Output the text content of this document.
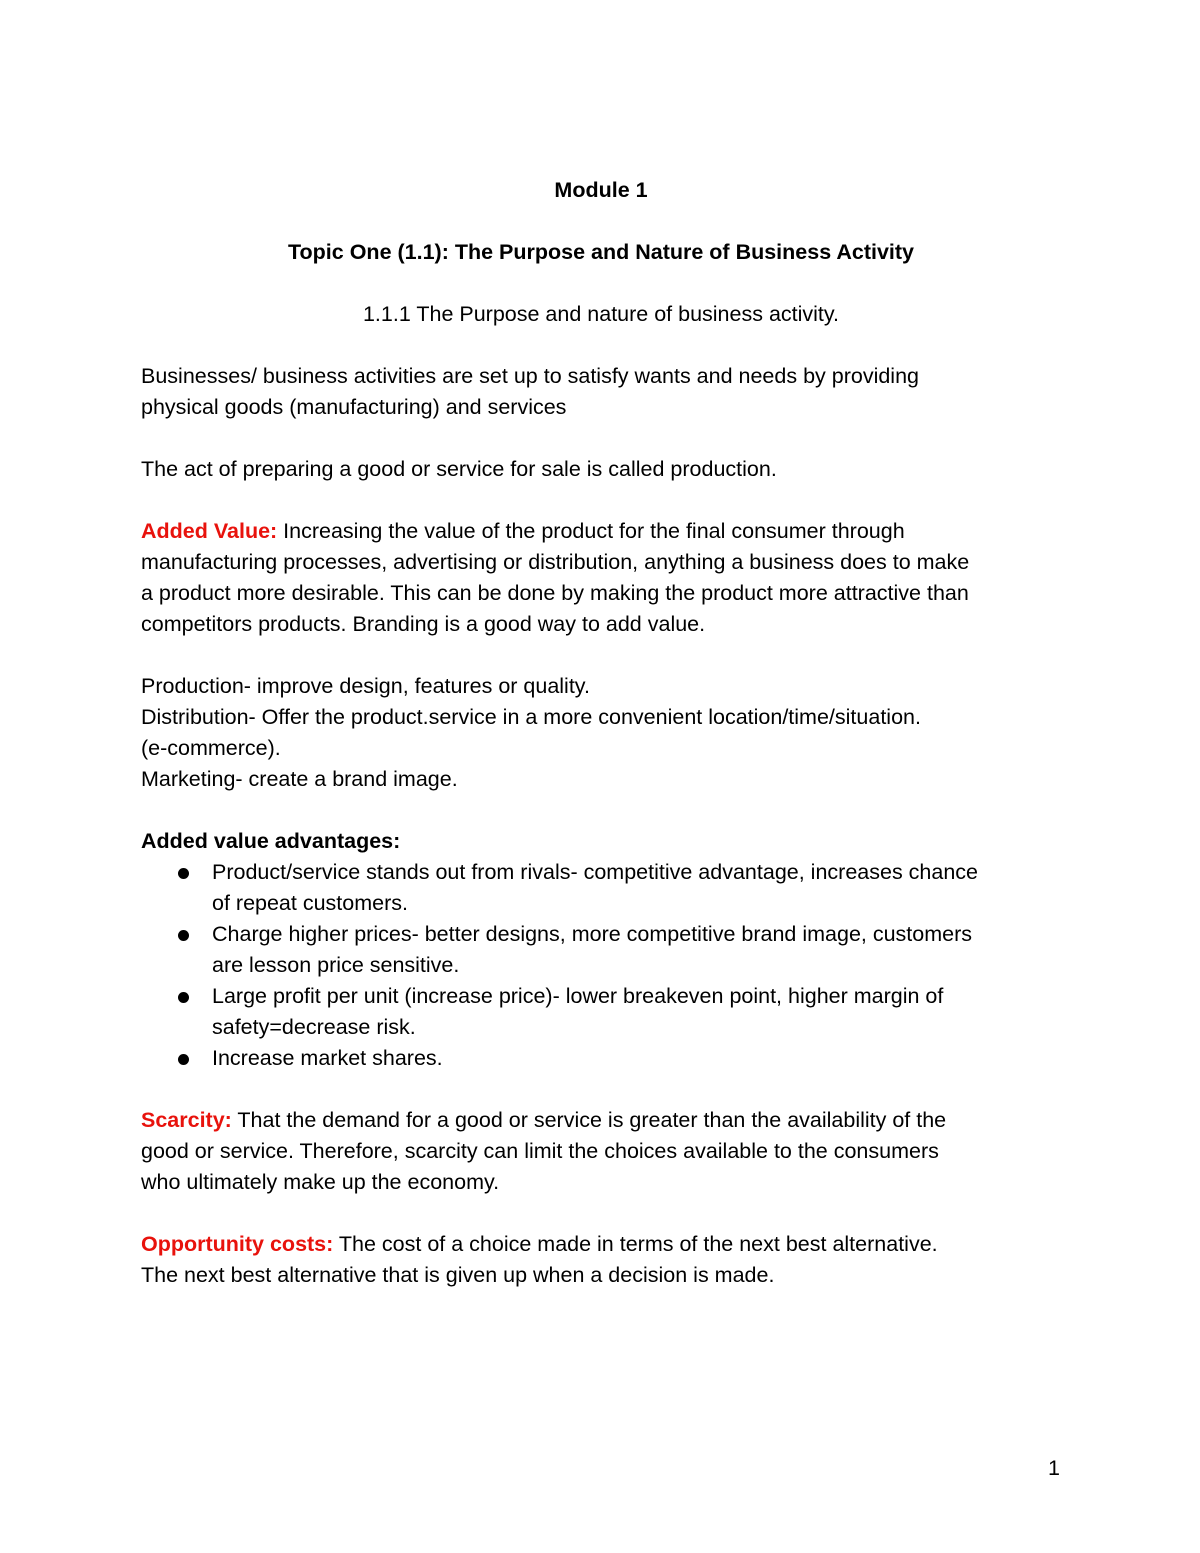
Module 1

Topic One (1.1): The Purpose and Nature of Business Activity

1.1.1 The Purpose and nature of business activity.

Businesses/ business activities are set up to satisfy wants and needs by providing

physical goods (manufacturing) and services

The act of preparing a good or service for sale is called production.

Added Value: Increasing the value of the product for the final consumer through

manufacturing processes, advertising or distribution, anything a business does to make

a product more desirable. This can be done by making the product more attractive than

competitors products. Branding is a good way to add value.

Production- improve design, features or quality.

Distribution- Offer the product.service in a more convenient location/time/situation.

(e-commerce).

Marketing- create a brand image.

Added value advantages:

Product/service stands out from rivals- competitive advantage, increases chance

of repeat customers.

Charge higher prices- better designs, more competitive brand image, customers

are lesson price sensitive.

Large profit per unit (increase price)- lower breakeven point, higher margin of

safety=decrease risk.

Increase market shares.

Scarcity: That the demand for a good or service is greater than the availability of the

good or service. Therefore, scarcity can limit the choices available to the consumers

who ultimately make up the economy.

Opportunity costs: The cost of a choice made in terms of the next best alternative.

The next best alternative that is given up when a decision is made.

1
